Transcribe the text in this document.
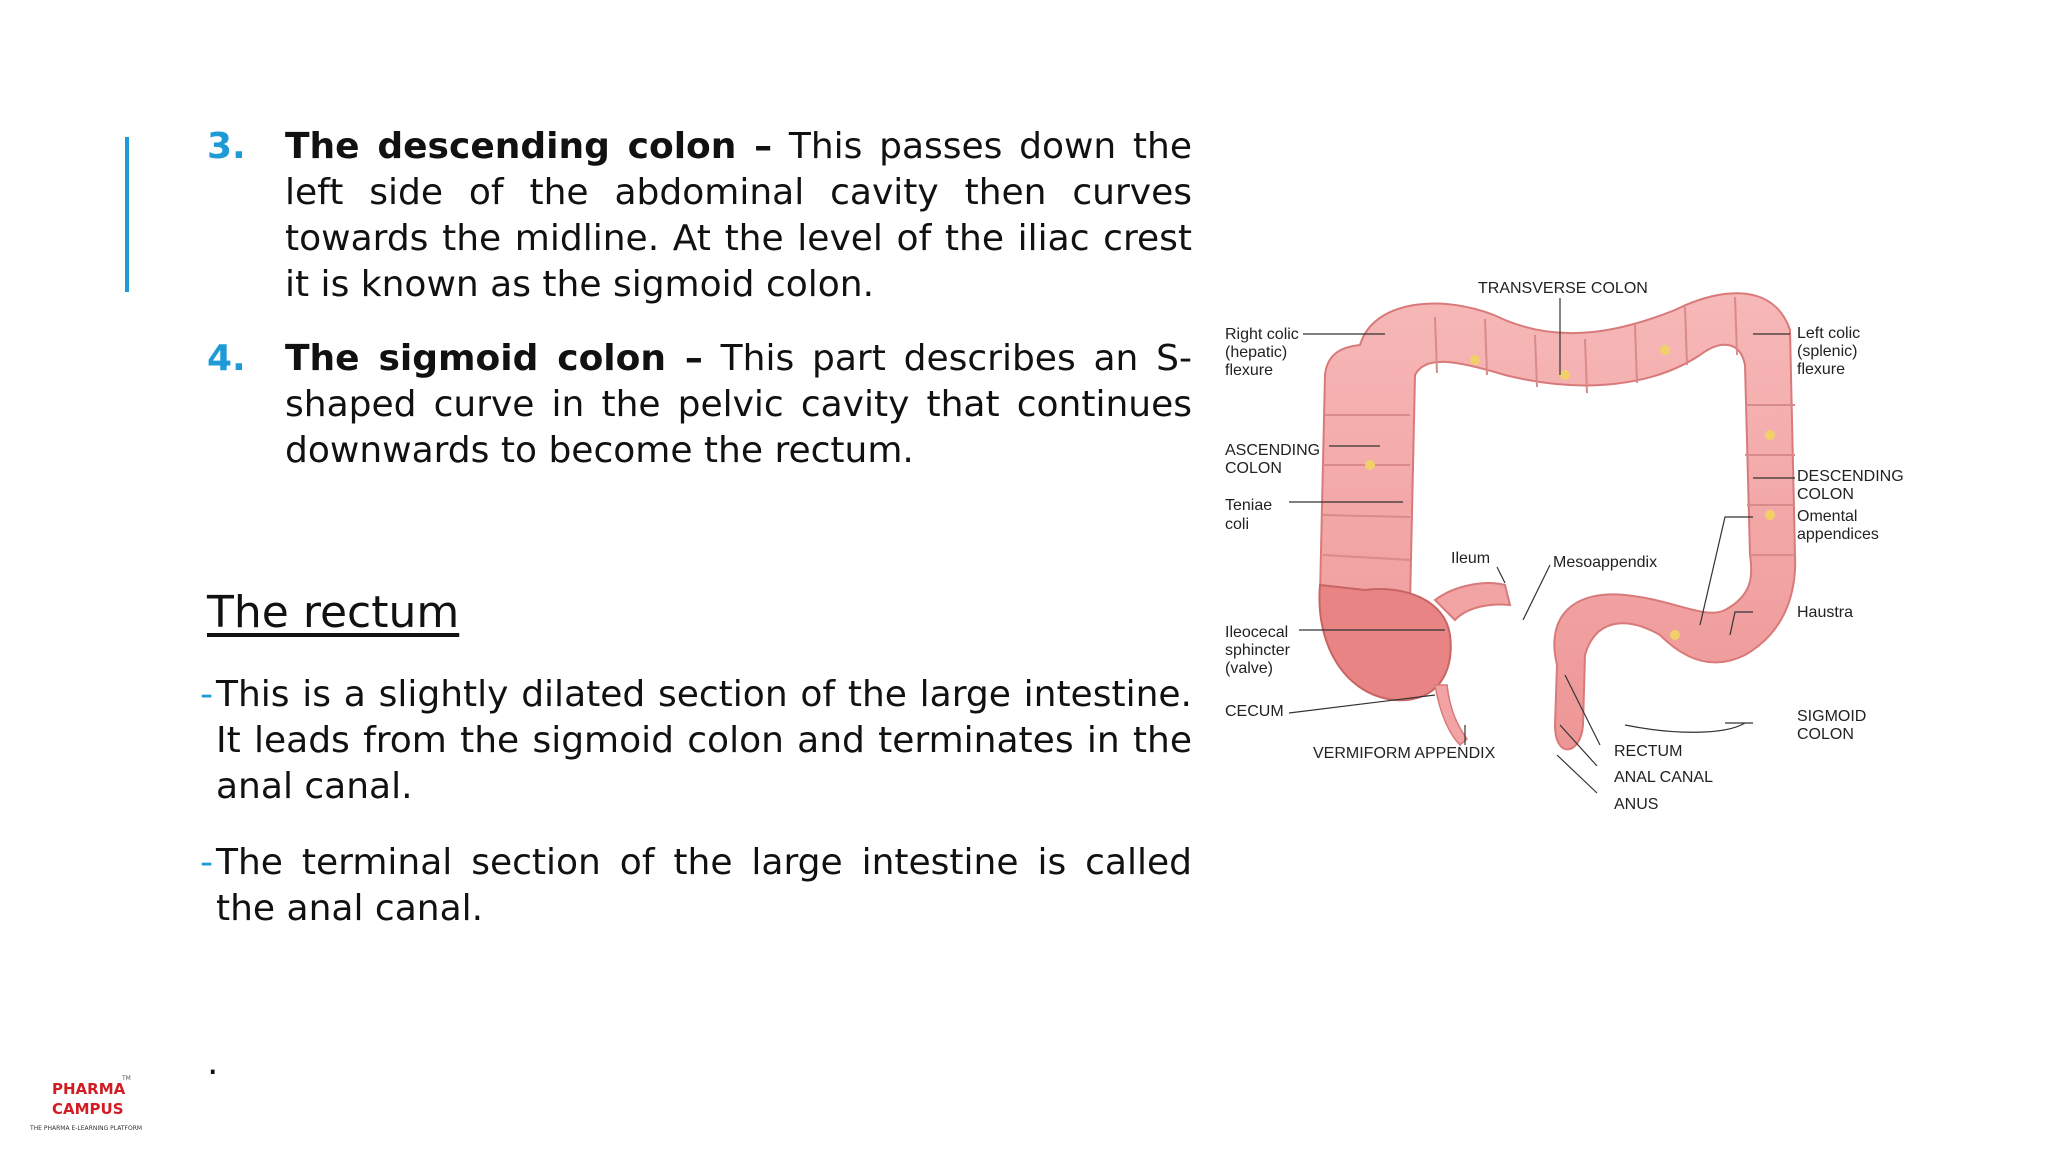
3. The descending colon – This passes down the left side of the abdominal cavity then curves towards the midline. At the level of the iliac crest it is known as the sigmoid colon.
4. The sigmoid colon – This part describes an S-shaped curve in the pelvic cavity that continues downwards to become the rectum.
The rectum
- This is a slightly dilated section of the large intestine. It leads from the sigmoid colon and terminates in the anal canal.
- The terminal section of the large intestine is called the anal canal.
.
TRANSVERSE COLON
Right colic
(hepatic)
flexure
Left colic
(splenic)
flexure
ASCENDING
COLON
Teniae
coli
DESCENDING
COLON
Omental
appendices
Ileum	Mesoappendix
Haustra
Ileocecal
sphincter
(valve)
CECUM	SIGMOID
COLON
VERMIFORM APPENDIX	RECTUM
ANAL CANAL
ANUS
PHARMA
TM
CAMPUS
THE PHARMA E-LEARNING PLATFORM
